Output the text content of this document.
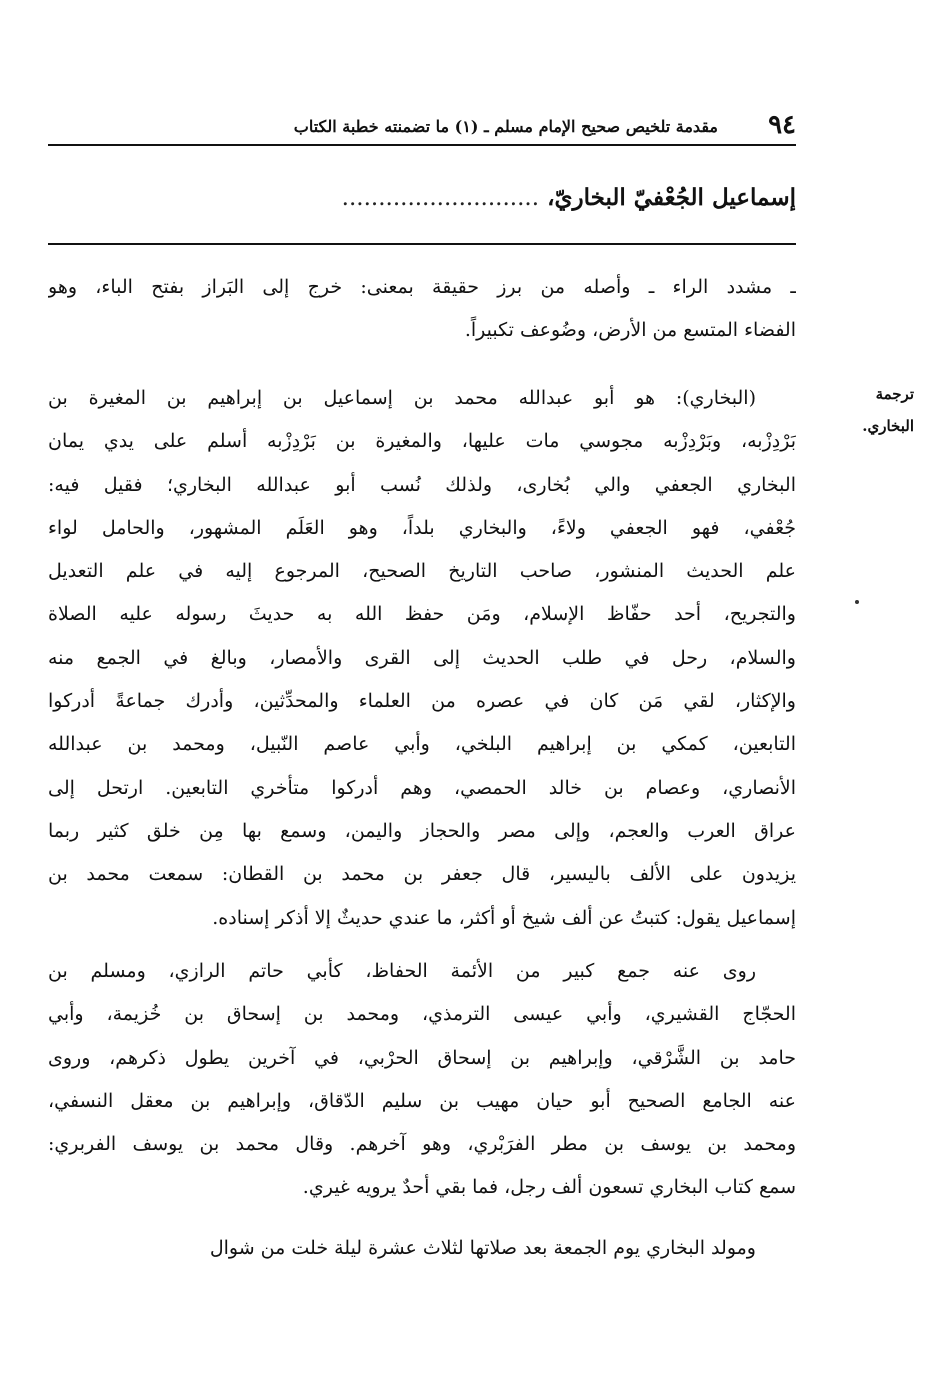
٩٤
مقدمة تلخيص صحيح الإمام مسلم ـ (١) ما تضمنته خطبة الكتاب
إسماعيل الجُعْفيّ البخاريّ، ...........................
ـ مشدد الراء ـ وأصله من برز حقيقة بمعنى: خرج إلى البَراز بفتح الباء، وهو
الفضاء المتسع من الأرض، وضُوعف تكبيراً.
ترجمة
البخاري.
(البخاري): هو أبو عبدالله محمد بن إسماعيل بن إبراهيم بن المغيرة بن
بَرْدِزْبه، وبَرْدِزْبه مجوسي مات عليها، والمغيرة بن بَرْدِزْبه أسلم على يدي يمان
البخاري الجعفي والي بُخارى، ولذلك نُسب أبو عبدالله البخاري؛ فقيل فيه:
جُعْفي، فهو الجعفي ولاءً، والبخاري بلداً، وهو العَلَم المشهور، والحامل لواء
علم الحديث المنشور، صاحب التاريخ الصحيح، المرجوع إليه في علم التعديل
والتجريح، أحد حفّاظ الإسلام، ومَن حفظ الله به حديثَ رسوله عليه الصلاة
والسلام، رحل في طلب الحديث إلى القرى والأمصار، وبالغ في الجمع منه
والإكثار، لقي مَن كان في عصره من العلماء والمحدِّثين، وأدرك جماعةً أدركوا
التابعين، كمكي بن إبراهيم البلخي، وأبي عاصم النّبيل، ومحمد بن عبدالله
الأنصاري، وعصام بن خالد الحمصي، وهم أدركوا متأخري التابعين. ارتحل إلى
عراق العرب والعجم، وإلى مصر والحجاز واليمن، وسمع بها مِن خلق كثير ربما
يزيدون على الألف باليسير، قال جعفر بن محمد بن القطان: سمعت محمد بن
إسماعيل يقول: كتبتُ عن ألف شيخ أو أكثر، ما عندي حديثٌ إلا أذكر إسناده.
روى عنه جمع كبير من الأئمة الحفاظ، كأبي حاتم الرازي، ومسلم بن
الحجّاج القشيري، وأبي عيسى الترمذي، ومحمد بن إسحاق بن خُزيمة، وأبي
حامد بن الشَّرْقي، وإبراهيم بن إسحاق الحرْبي، في آخرين يطول ذكرهم، وروى
عنه الجامع الصحيح أبو حيان مهيب بن سليم الدّقاق، وإبراهيم بن معقل النسفي،
ومحمد بن يوسف بن مطر الفرَبْري، وهو آخرهم. وقال محمد بن يوسف الفربري:
سمع كتاب البخاري تسعون ألف رجل، فما بقي أحدٌ يرويه غيري.
ومولد البخاري يوم الجمعة بعد صلاتها لثلاث عشرة ليلة خلت من شوال
